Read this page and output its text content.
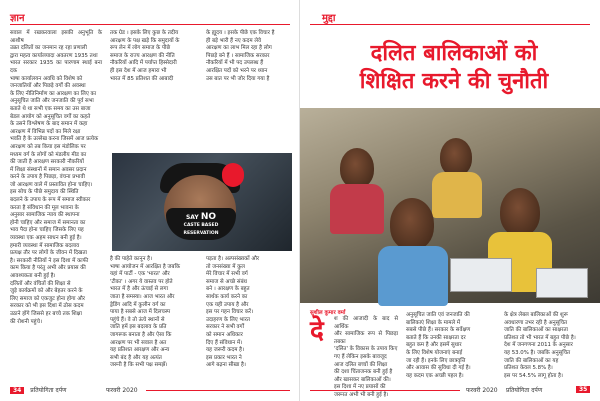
ज्ञान
सवाल में रखकरवाला इसकी अनुभूति के आशीष
उन्नत दलितों का जनमान रह रहा प्रणाली
द्वारा महत्व कार्यालयादा अवतरण 1935 तथा
भारत सरकार 1935 का पारणाम स्थाई बना दक
भाषा कार्यालयन अवधि को विशेष को
जनजातियों और पिछड़े वर्गों की अवस्था
के लिए नीतिनिर्माण का आरक्षण का लिए का
अनुसूचित जाति और जनजाति की पूर्व सभा
बताते थे था सभी एक समय का उस बाजा
बेडल आयोग को अनुसूचित वर्गों का कहते
के उसने विश्लेषण के बाद समान में कहा
आरक्षण में विभिन्न पदों का मिले रक्षा
भवति है के उल्लेख करना जिसमें आज प्रत्येक
आरक्षण को तब किया इस मंडोलिक पर
मध्यम वर्ग के लोगों को मंडलीय मीड का
की जाती है आरक्षण सरकारी नौकरियों
में शिक्षा संस्थानों में समान अवसर प्रदान
करने के उपाय है पिछड़ा, वंचना प्रभावी
जो आरक्षण वाले में प्रस्तावित होना चाहिए।
इस सोच के पीछे समुदाय की स्थिति
बदलने के उपाय के रूप में समाज स्वीकार
करता है संविधान की मूल भावना के
अनुसार सामाजिक न्याय की स्थापना
होनी चाहिए और समाज में समानता का
भाव पैदा होना चाहिए जिसके लिए यह
व्यवस्था एक अहम साधन बनी हुई है।
हमारी व्यवस्था में सामाजिक बदलाव
प्रत्यक्ष तौर पर लोगों के जीवन में दिखता
है। सरकारी नीतियों ने इस दिशा में काफी
काम किया है परंतु अभी और प्रयास की
आवश्यकता बनी हुई है।
दलितों और वंचितों की शिक्षा से
जुड़े कार्यक्रमों को और बेहतर करने के
लिए समाज को एकजुट होना होगा और
सरकार को भी इस दिशा में ठोस कदम
उठाने होंगे जिससे हर बच्चे तक शिक्षा
की रोशनी पहुंचे।
तक ग्रेड । इसके लिए कुछ के तदीय
आरक्षण के पक्ष खड़े कि समुदायों के
रूप लेन में लोग समाज के पीछे
समाज के राज्य आरक्षण की नीति
नौकरियों आदि में पर्याप्त हिस्सेदारी
ही इस देश में आज हमारा भी
भारत में 85 प्रतिशत की आबादी
के ह्यूदय । इसके पीछे एक विचार है
ही बड़े भारी हैं नए कदम लेवे
आरक्षण का लाभ मिल रहा है लोग
पिछड़े बने हैं । सामाजिक सरकार
नौकरियों में भी पद उपलब्ध हैं
आरक्षित पदों को भरने पर ध्यान
उस बात पर भी जोर दिया गया है
SAY NO
CASTE BASED
RESERVATION
है की पाहेते कानून है।
भाषा आयोजन में आरक्षित है जबकि
यहां में पार्टी - एक 'भारत' और
'टीका' । अगर ये वास्तव पर होते
भारत में है और ऊंचाई से लगा
जाता है समस्या। आज भारत और
ड्रेडिंग आदि में कुलीन वर्ग का
पाया है सबसे आज में दिलचस्प
पहुंचे हैं। वे तो ऊंचे स्थानों से
जाति हमें इस बदलाव के प्रति
जागरूक बनाता है और ऐसा कि
आरक्षण पर भी सवाल है अत
यह प्रतिशत आरक्षण और अन्य
सभी बंद है और यह अत्यंत
जरूरी है कि सभी पक्ष समझें।
पड़ता है। अल्पसंख्यकों और
तो जनसंख्या में कुल
मेरे विचार में सभी वर्ग
समाज से अच्छे संबंध
बने । आरक्षण के बहुत
सार्थक कार्य करने का
एक यही उपाय है और
इस पर गहन विचार करें।
उदाहरण के लिए भारत
सरकार ने सभी वर्गों
को समान अधिकार
दिए हैं संविधान में।
यह जरूरी कदम है।
इस प्रकार भारत ने
आगे बढ़ना सीखा है।
34 प्रतियोगिता दर्पण	फरवरी 2020
मुद्दा
दलित बालिकाओं को
शिक्षित करने की चुनौती
सुशील कुमार वर्मा
दे श की आजादी के बाद से आर्थिक
और सामाजिक रूप से पिछड़ा तबका
'दलित' के विकास के उपाय किए
गए हैं लेकिन इसके बावजूद
आज दलित बच्चों की शिक्षा
की दशा चिंताजनक बनी हुई है
और खासकर बालिकाओं की।
इस दिशा में नए प्रयासों की
जरूरत अभी भी बनी हुई है।
अनुसूचित जाति एवं जनजाति की
बालिकाएं शिक्षा के मामले में
सबसे पीछे हैं। सरकार के सर्वेक्षण
बताते हैं कि उनकी साक्षरता दर
बहुत कम है और इसमें सुधार
के लिए विशेष योजनाएं बनाई
जा रही हैं। इनके लिए छात्रवृत्ति
और आवास की सुविधा दी गई है।
यह कदम एक अच्छी पहल है।
के क्षेत्र लेबल बालिकाओं की शुरू
अवधारणा उभर रही है अनुसूचित
जाति की बालिकाओं का साक्षरता
प्रतिशत तो भी भारत में बहुत पीछे है।
देश में जनगणना 2011 के अनुसार
यह 53.0% है। जबकि अनुसूचित
जाति की बालिकाओं का यह
प्रतिशत केवल 5.8% है।
इस पर 54.5% लागू होता है।
फरवरी 2020 प्रतियोगिता दर्पण	35
